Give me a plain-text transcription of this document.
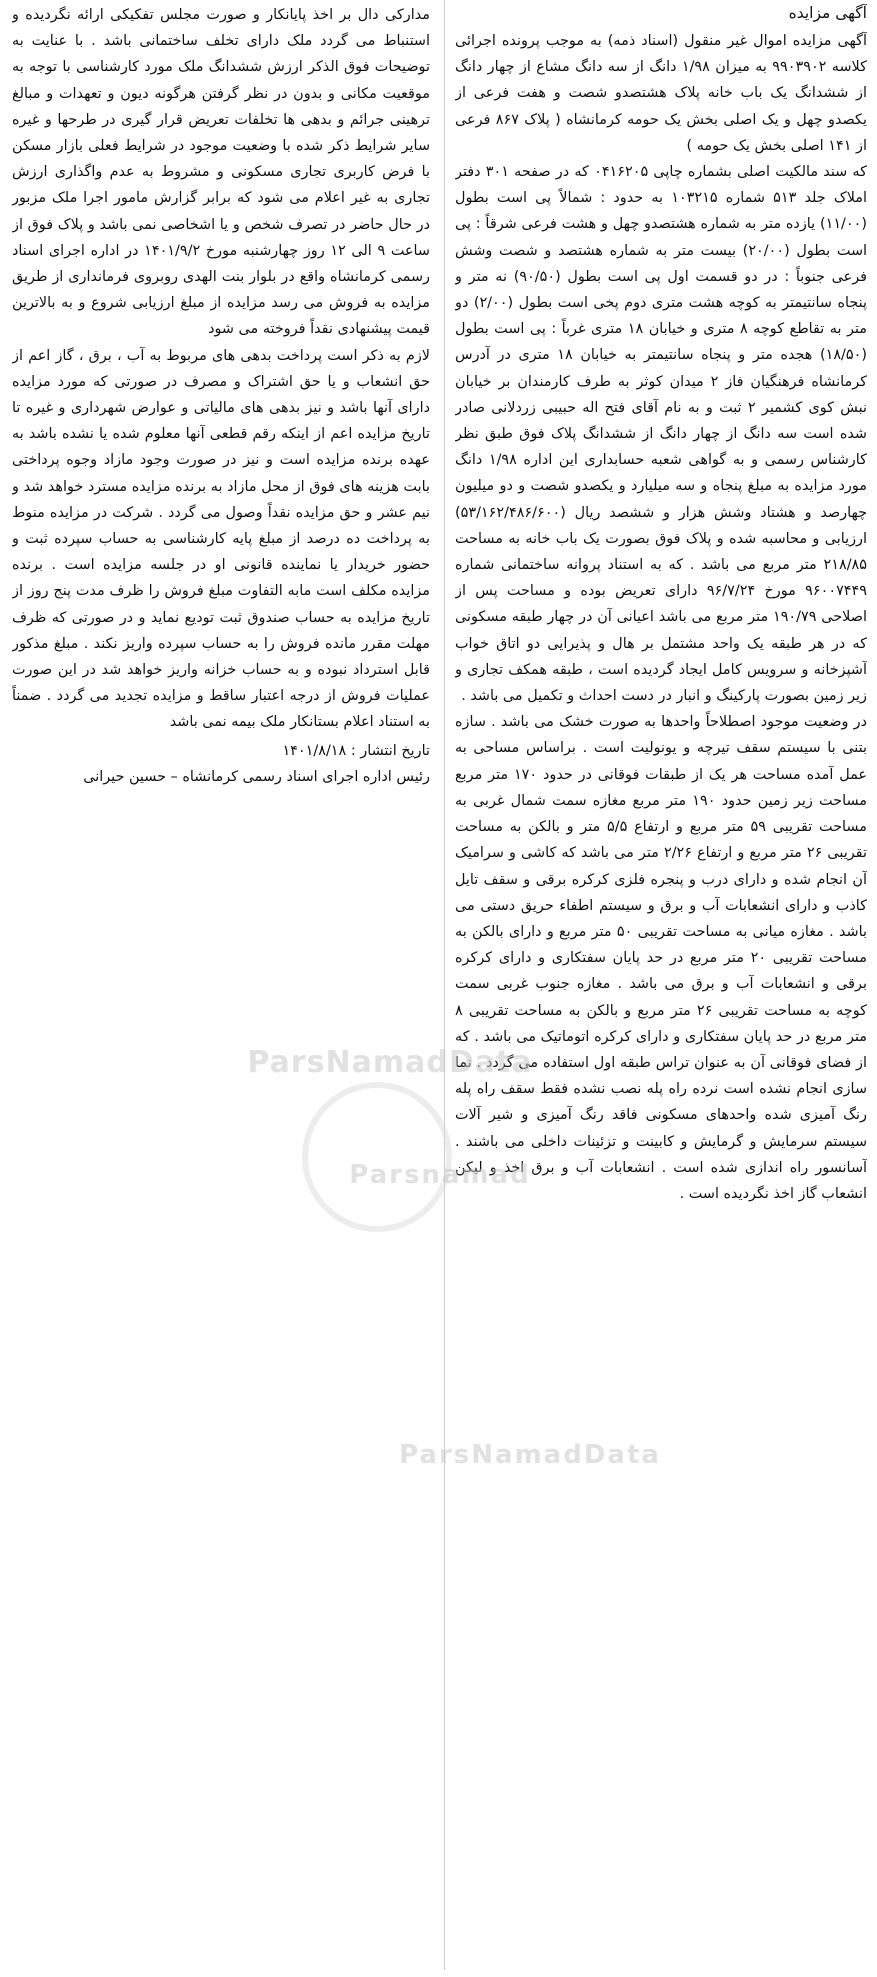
آگهی مزایده

آگهی مزایده اموال غیر منقول (اسناد ذمه) به موجب پرونده اجرائی کلاسه ۹۹۰۳۹۰۲ به میزان ۱/۹۸ دانگ از سه دانگ مشاع از چهار دانگ از ششدانگ یک باب خانه پلاک هشتصدو شصت و هفت فرعی از یکصدو چهل و یک اصلی بخش یک حومه کرمانشاه ( پلاک ۸۶۷ فرعی از ۱۴۱ اصلی بخش یک حومه )

که سند مالکیت اصلی بشماره چاپی ۰۴۱۶۲۰۵ که در صفحه ۳۰۱ دفتر املاک جلد ۵۱۳ شماره ۱۰۳۲۱۵ به حدود : شمالاً پی است بطول (۱۱/۰۰) یازده متر به شماره هشتصدو چهل و هشت فرعی شرقاً : پی است بطول (۲۰/۰۰) بیست متر به شماره هشتصد و شصت وشش فرعی جنوباً : در دو قسمت اول پی است بطول (۹۰/۵۰) نه متر و پنجاه سانتیمتر به کوچه هشت متری دوم پخی است بطول (۲/۰۰) دو متر به تقاطع کوچه ۸ متری و خیابان ۱۸ متری غرباً : پی است بطول (۱۸/۵۰) هجده متر و پنجاه سانتیمتر به خیابان ۱۸ متری در آدرس کرمانشاه فرهنگیان فاز ۲ میدان کوثر به طرف کارمندان بر خیابان نبش کوی کشمیر ۲ ثبت و به نام آقای فتح اله حبیبی زردلانی صادر شده است سه دانگ از چهار دانگ از ششدانگ پلاک فوق طبق نظر کارشناس رسمی و به گواهی شعبه حسابداری این اداره ۱/۹۸ دانگ مورد مزایده به مبلغ پنجاه و سه میلیارد و یکصدو شصت و دو میلیون چهارصد و هشتاد وشش هزار و ششصد ریال (۵۳/۱۶۲/۴۸۶/۶۰۰) ارزیابی و محاسبه شده و پلاک فوق بصورت یک باب خانه به مساحت ۲۱۸/۸۵ متر مربع می باشد . که به استناد پروانه ساختمانی شماره ۹۶۰۰۷۴۴۹ مورخ ۹۶/۷/۲۴ دارای تعریض بوده و مساحت پس از اصلاحی ۱۹۰/۷۹ متر مربع می باشد اعیانی آن در چهار طبقه مسکونی که در هر طبقه یک واحد مشتمل بر هال و پذیرایی دو اتاق خواب آشپزخانه و سرویس کامل ایجاد گردیده است ، طبقه همکف تجاری و زیر زمین بصورت پارکینگ و انبار در دست احداث و تکمیل می باشد .

در وضعیت موجود اصطلاحاً واحدها به صورت خشک می باشد . سازه بتنی با سیستم سقف تیرچه و یونولیت است . براساس مساحی به عمل آمده مساحت هر یک از طبقات فوقانی در حدود ۱۷۰ متر مربع مساحت زیر زمین حدود ۱۹۰ متر مربع مغازه سمت شمال غربی به مساحت تقریبی ۵۹ متر مربع و ارتفاع ۵/۵ متر و بالکن به مساحت تقریبی ۲۶ متر مربع و ارتفاع ۲/۲۶ متر می باشد که کاشی و سرامیک آن انجام شده و دارای درب و پنجره فلزی کرکره برقی و سقف تایل کاذب و دارای انشعابات آب و برق و سیستم اطفاء حریق دستی می باشد . مغازه میانی به مساحت تقریبی ۵۰ متر مربع و دارای بالکن به مساحت تقریبی ۲۰ متر مربع در حد پایان سفتکاری و دارای کرکره برقی و انشعابات آب و برق می باشد . مغازه جنوب غربی سمت کوچه به مساحت تقریبی ۲۶ متر مربع و بالکن به مساحت تقریبی ۸ متر مربع در حد پایان سفتکاری و دارای کرکره اتوماتیک می باشد . که از فضای فوقانی آن به عنوان تراس طبقه اول استفاده می گردد . نما سازی انجام نشده است نرده راه پله نصب نشده فقط سقف راه پله رنگ آمیزی شده واحدهای مسکونی فاقد رنگ آمیزی و شیر آلات سیستم سرمایش و گرمایش و کابینت و تزئینات داخلی می باشند . آسانسور راه اندازی شده است . انشعابات آب و برق اخذ و لیکن انشعاب گاز اخذ نگردیده است .

مدارکی دال بر اخذ پایانکار و صورت مجلس تفکیکی ارائه نگردیده و استنباط می گردد ملک دارای تخلف ساختمانی باشد . با عنایت به توضیحات فوق الذکر ارزش ششدانگ ملک مورد کارشناسی با توجه به موقعیت مکانی و بدون در نظر گرفتن هرگونه دیون و تعهدات و مبالغ ترهینی جرائم و بدهی ها تخلفات تعریض قرار گیری در طرحها و غیره سایر شرایط ذکر شده با وضعیت موجود در شرایط فعلی بازار مسکن با فرض کاربری تجاری مسکونی و مشروط به عدم واگذاری ارزش تجاری به غیر اعلام می شود که برابر گزارش مامور اجرا ملک مزبور در حال حاضر در تصرف شخص و یا اشخاصی نمی باشد و پلاک فوق از ساعت ۹ الی ۱۲ روز چهارشنبه مورخ ۱۴۰۱/۹/۲ در اداره اجرای اسناد رسمی کرمانشاه واقع در بلوار بنت الهدی روبروی فرمانداری از طریق مزایده به فروش می رسد مزایده از مبلغ ارزیابی شروع و به بالاترین قیمت پیشنهادی نقداً فروخته می شود

لازم به ذکر است پرداخت بدهی های مربوط به آب ، برق ، گاز اعم از حق انشعاب و یا حق اشتراک و مصرف در صورتی که مورد مزایده دارای آنها باشد و نیز بدهی های مالیاتی و عوارض شهرداری و غیره تا تاریخ مزایده اعم از اینکه رقم قطعی آنها معلوم شده یا نشده باشد به عهده برنده مزایده است و نیز در صورت وجود مازاد وجوه پرداختی بابت هزینه های فوق از محل مازاد به برنده مزایده مسترد خواهد شد و نیم عشر و حق مزایده نقداً وصول می گردد . شرکت در مزایده منوط به پرداخت ده درصد از مبلغ پایه کارشناسی به حساب سپرده ثبت و حضور خریدار یا نماینده قانونی او در جلسه مزایده است . برنده مزایده مکلف است مابه التفاوت مبلغ فروش را ظرف مدت پنج روز از تاریخ مزایده به حساب صندوق ثبت توديع نماید و در صورتی که ظرف مهلت مقرر مانده فروش را به حساب سپرده واریز نکند . مبلغ مذکور قابل استرداد نبوده و به حساب خزانه واریز خواهد شد در این صورت عملیات فروش از درجه اعتبار ساقط و مزایده تجدید می گردد . ضمناً به استناد اعلام بستانکار ملک بیمه نمی باشد

تاریخ انتشار : ۱۴۰۱/۸/۱۸

رئیس اداره اجرای اسناد رسمی کرمانشاه – حسین حیرانی

ParsNamadData
Parsnamad
ParsNamadData
